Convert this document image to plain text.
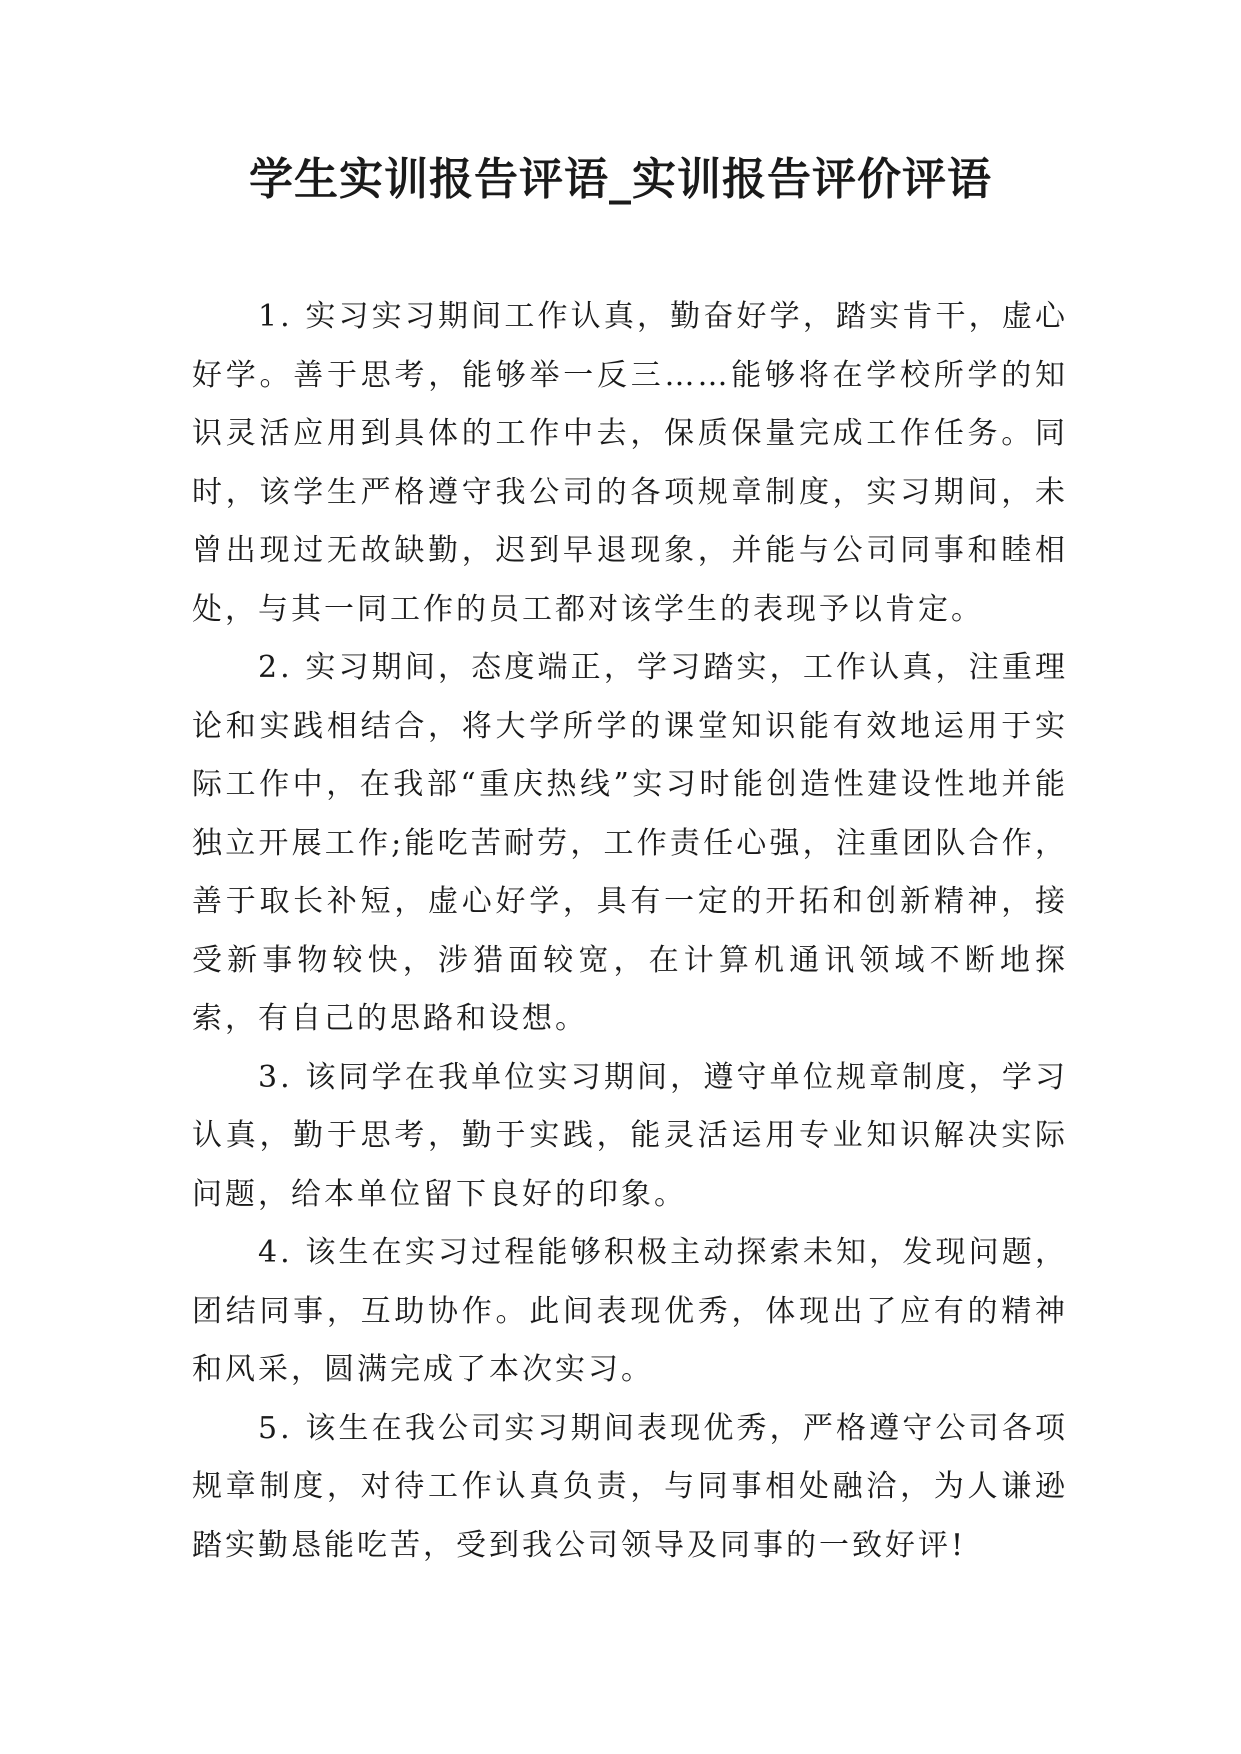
学生实训报告评语_实训报告评价评语

1. 实习实习期间工作认真，勤奋好学，踏实肯干，虚心好学。善于思考，能够举一反三……能够将在学校所学的知识灵活应用到具体的工作中去，保质保量完成工作任务。同时，该学生严格遵守我公司的各项规章制度，实习期间，未曾出现过无故缺勤，迟到早退现象，并能与公司同事和睦相处，与其一同工作的员工都对该学生的表现予以肯定。

2. 实习期间，态度端正，学习踏实，工作认真，注重理论和实践相结合，将大学所学的课堂知识能有效地运用于实际工作中，在我部“重庆热线”实习时能创造性建设性地并能独立开展工作;能吃苦耐劳，工作责任心强，注重团队合作，善于取长补短，虚心好学，具有一定的开拓和创新精神，接受新事物较快，涉猎面较宽，在计算机通讯领域不断地探索，有自己的思路和设想。

3. 该同学在我单位实习期间，遵守单位规章制度，学习认真，勤于思考，勤于实践，能灵活运用专业知识解决实际问题，给本单位留下良好的印象。

4. 该生在实习过程能够积极主动探索未知，发现问题，团结同事，互助协作。此间表现优秀，体现出了应有的精神和风采，圆满完成了本次实习。

5. 该生在我公司实习期间表现优秀，严格遵守公司各项规章制度，对待工作认真负责，与同事相处融洽，为人谦逊踏实勤恳能吃苦，受到我公司领导及同事的一致好评!
